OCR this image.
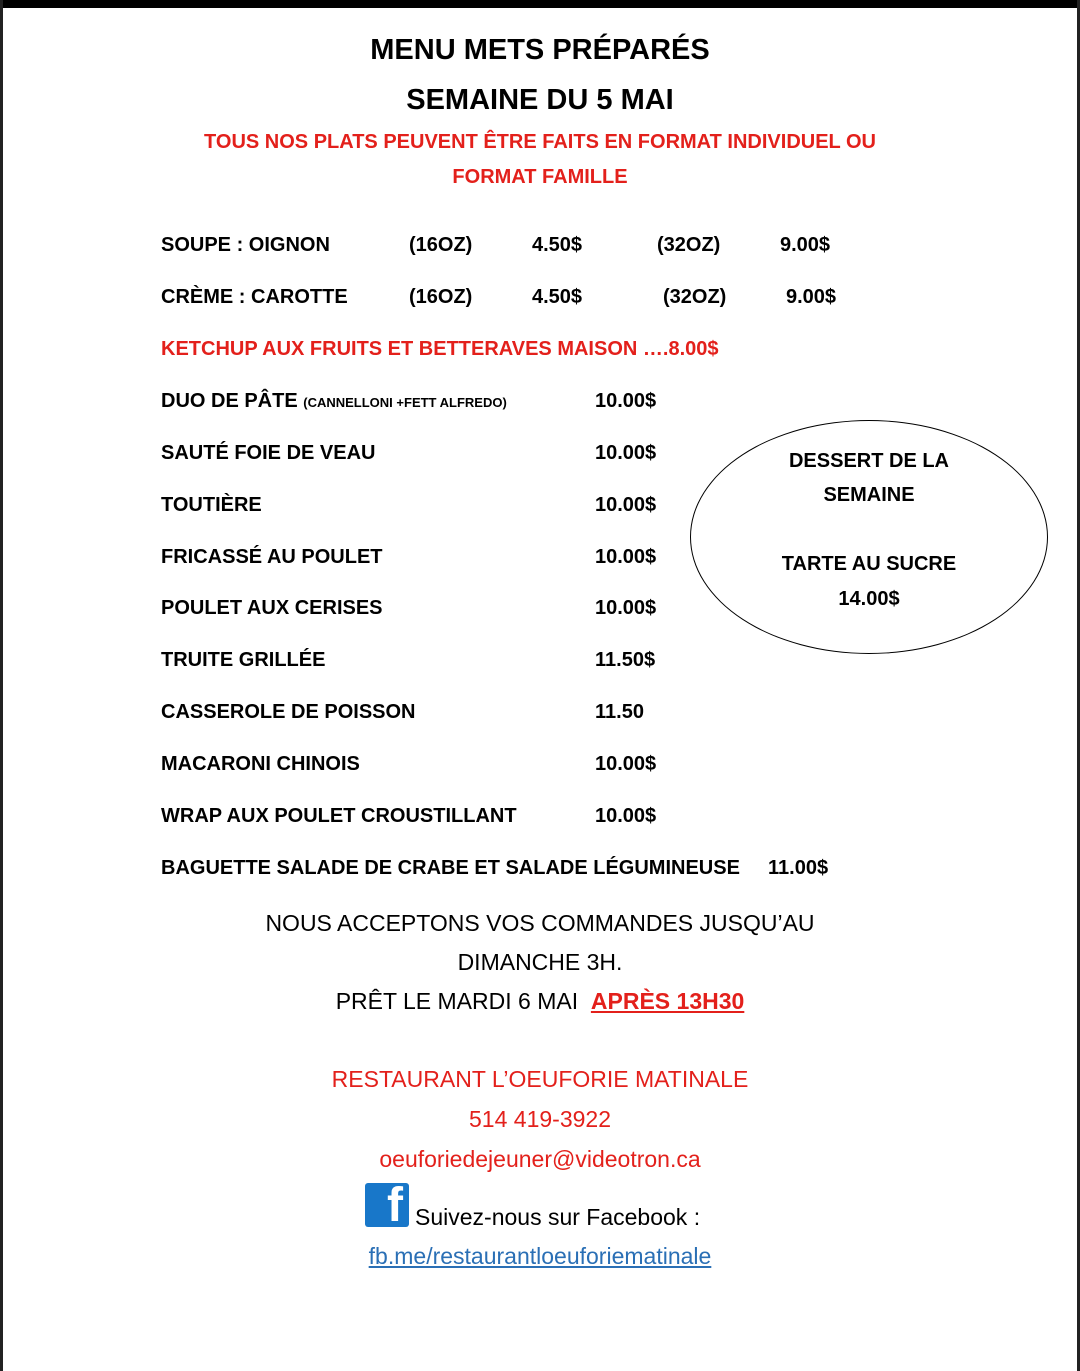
MENU METS PRÉPARÉS
SEMAINE DU 5 MAI
TOUS NOS PLATS PEUVENT ÊTRE FAITS EN FORMAT INDIVIDUEL OU
FORMAT FAMILLE
SOUPE : OIGNON	(16OZ)	4.50$	(32OZ)	9.00$
CRÈME : CAROTTE	(16OZ)	4.50$	(32OZ)	9.00$
KETCHUP AUX FRUITS ET BETTERAVES MAISON ….8.00$
DUO DE PÂTE (CANNELLONI +FETT ALFREDO)	10.00$
SAUTÉ FOIE DE VEAU	10.00$
TOUTIÈRE	10.00$
FRICASSÉ AU POULET	10.00$
POULET AUX CERISES	10.00$
TRUITE GRILLÉE	11.50$
CASSEROLE DE POISSON	11.50
MACARONI CHINOIS	10.00$
WRAP AUX POULET CROUSTILLANT	10.00$
BAGUETTE SALADE DE CRABE ET SALADE LÉGUMINEUSE 11.00$
DESSERT DE LA
SEMAINE
TARTE AU SUCRE
14.00$
NOUS ACCEPTONS VOS COMMANDES JUSQU’AU
DIMANCHE 3H.
PRÊT LE MARDI 6 MAI APRÈS 13H30
RESTAURANT L’OEUFORIE MATINALE
514 419-3922
oeuforiedejeuner@videotron.ca
f Suivez-nous sur Facebook :
fb.me/restaurantloeuforiematinale
